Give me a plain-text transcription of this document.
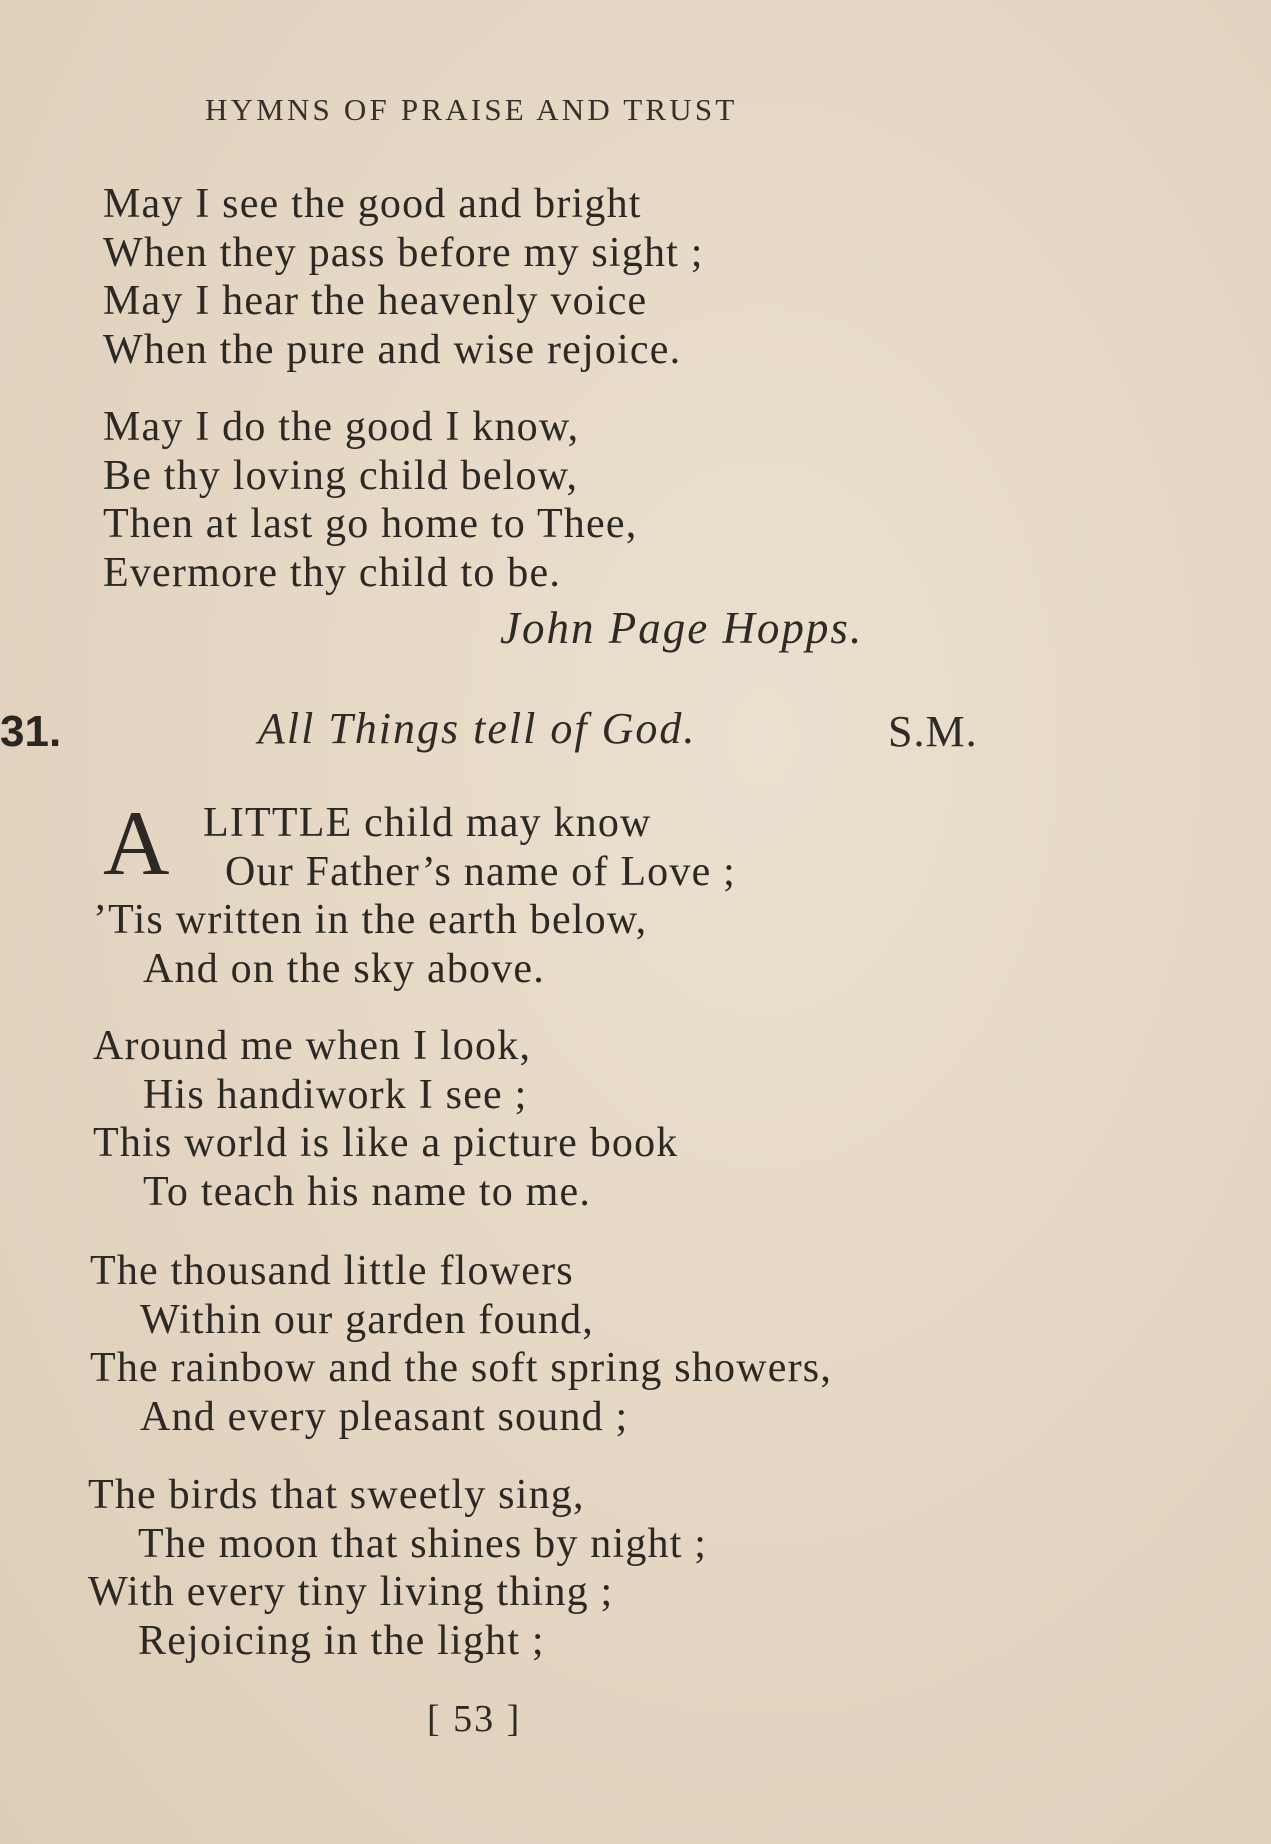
HYMNS OF PRAISE AND TRUST
May I see the good and bright
When they pass before my sight ;
May I hear the heavenly voice
When the pure and wise rejoice.
May I do the good I know,
Be thy loving child below,
Then at last go home to Thee,
Evermore thy child to be.
John Page Hopps.
31.	All Things tell of God.	S.M.
A LITTLE child may know
Our Father’s name of Love ;
’Tis written in the earth below,
And on the sky above.
Around me when I look,
His handiwork I see ;
This world is like a picture book
To teach his name to me.
The thousand little flowers
Within our garden found,
The rainbow and the soft spring showers,
And every pleasant sound ;
The birds that sweetly sing,
The moon that shines by night ;
With every tiny living thing ;
Rejoicing in the light ;
[ 53 ]
